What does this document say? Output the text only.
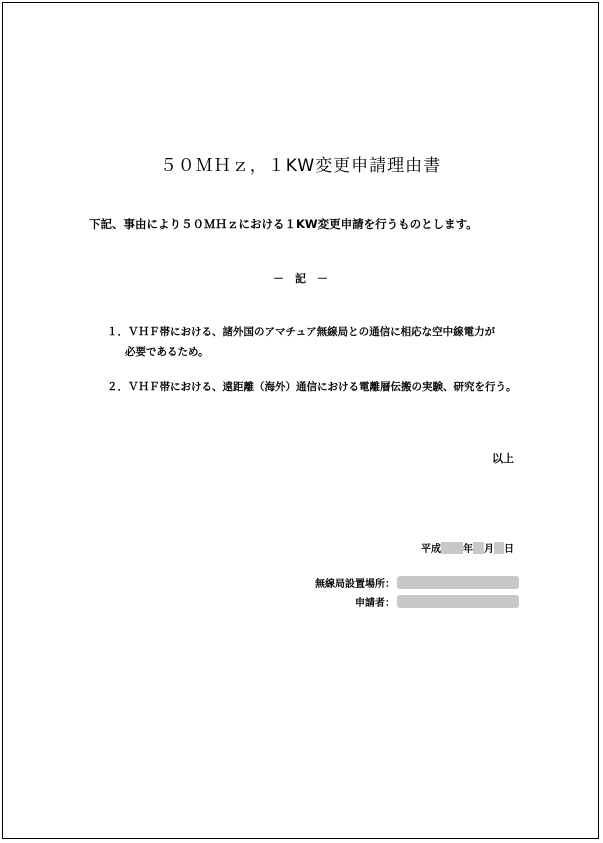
５０ＭＨｚ，１KW変更申請理由書
下記、事由により５０ＭＨｚにおける１KW変更申請を行うものとします。
－　記　－
１．ＶＨＦ帯における、諸外国のアマチュア無線局との通信に相応な空中線電力が
必要であるため。
２．ＶＨＦ帯における、遠距離（海外）通信における電離層伝搬の実験、研究を行う。
以上
平成 年 月 日
無線局設置場所：
申請者：
